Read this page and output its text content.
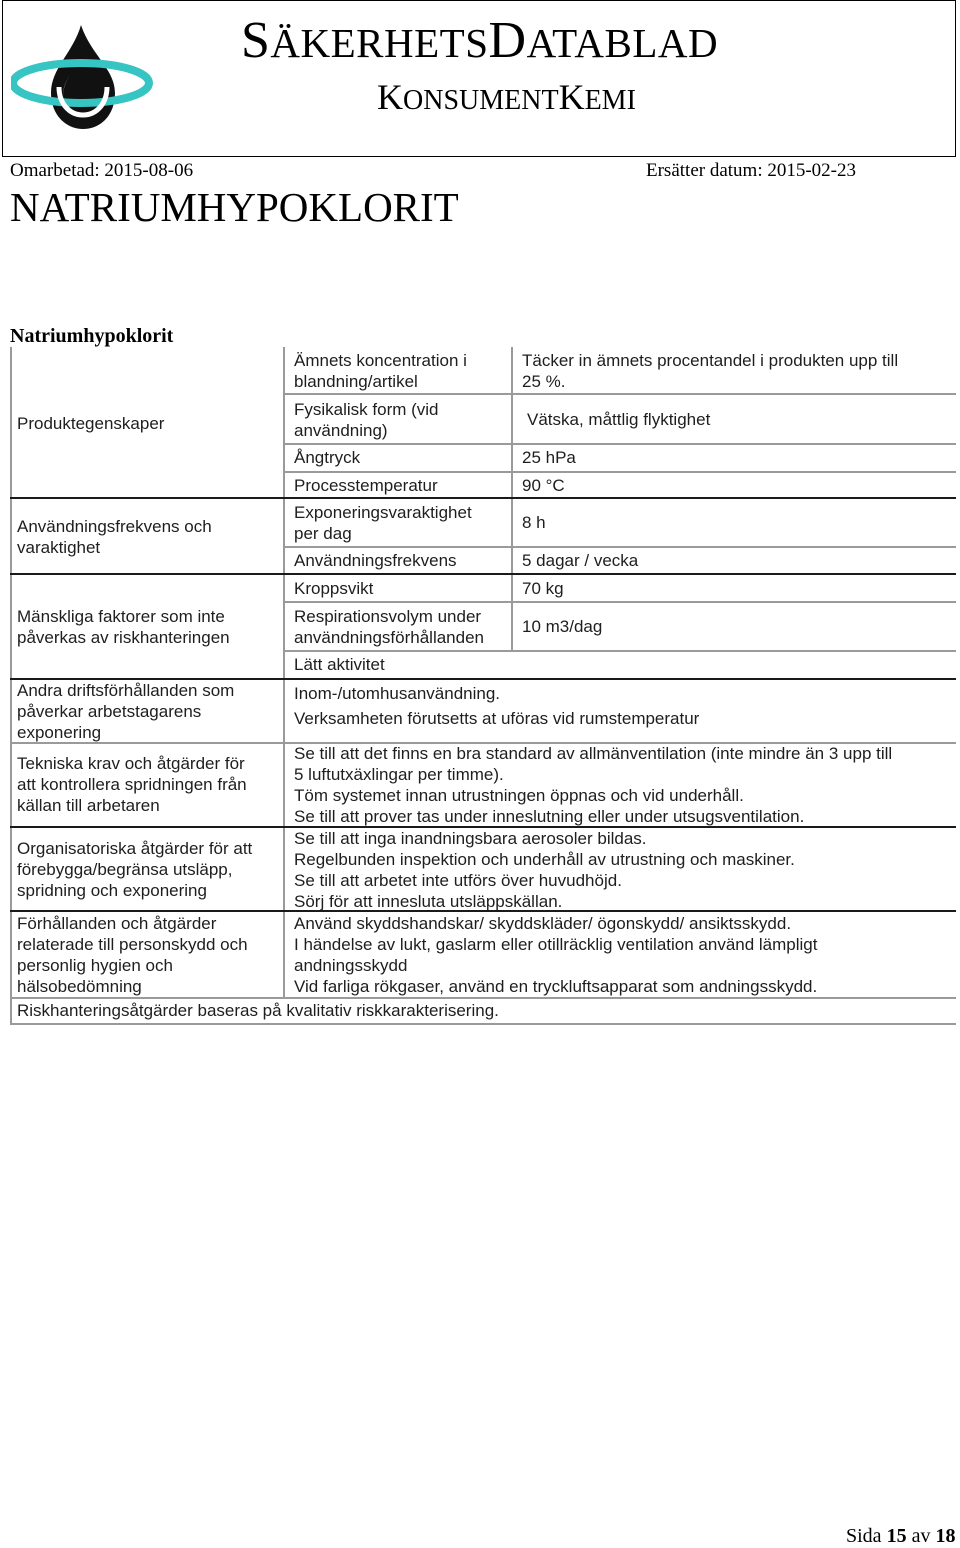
SÄKERHETSDATABLAD
KONSUMENTKEMI
Omarbetad: 2015-08-06	Ersätter datum: 2015-02-23
NATRIUMHYPOKLORIT
Natriumhypoklorit
Produktegenskaper
Användningsfrekvens och
varaktighet
Mänskliga faktorer som inte
påverkas av riskhanteringen
Andra driftsförhållanden som
påverkar arbetstagarens
exponering
Tekniska krav och åtgärder för
att kontrollera spridningen från
källan till arbetaren
Organisatoriska åtgärder för att
förebygga/begränsa utsläpp,
spridning och exponering
Förhållanden och åtgärder
relaterade till personskydd och
personlig hygien och
hälsobedömning
Ämnets koncentration i
blandning/artikel
Fysikalisk form (vid
användning)
Ångtryck
Processtemperatur
Exponeringsvaraktighet
per dag
Användningsfrekvens
Kroppsvikt
Respirationsvolym under
användningsförhållanden
Lätt aktivitet
Täcker in ämnets procentandel i produkten upp till
25 %.
Vätska, måttlig flyktighet
25 hPa
90 °C
8 h
5 dagar / vecka
70 kg
10 m3/dag
Inom-/utomhusanvändning.
Verksamheten förutsetts at uföras vid rumstemperatur
Se till att det finns en bra standard av allmänventilation (inte mindre än 3 upp till
5 luftutxäxlingar per timme).
Töm systemet innan utrustningen öppnas och vid underhåll.
Se till att prover tas under inneslutning eller under utsugsventilation.
Se till att inga inandningsbara aerosoler bildas.
Regelbunden inspektion och underhåll av utrustning och maskiner.
Se till att arbetet inte utförs över huvudhöjd.
Sörj för att innesluta utsläppskällan.
Använd skyddshandskar/ skyddskläder/ ögonskydd/ ansiktsskydd.
I händelse av lukt, gaslarm eller otillräcklig ventilation använd lämpligt
andningsskydd
Vid farliga rökgaser, använd en tryckluftsapparat som andningsskydd.
Riskhanteringsåtgärder baseras på kvalitativ riskkarakterisering.
Sida 15 av 18
